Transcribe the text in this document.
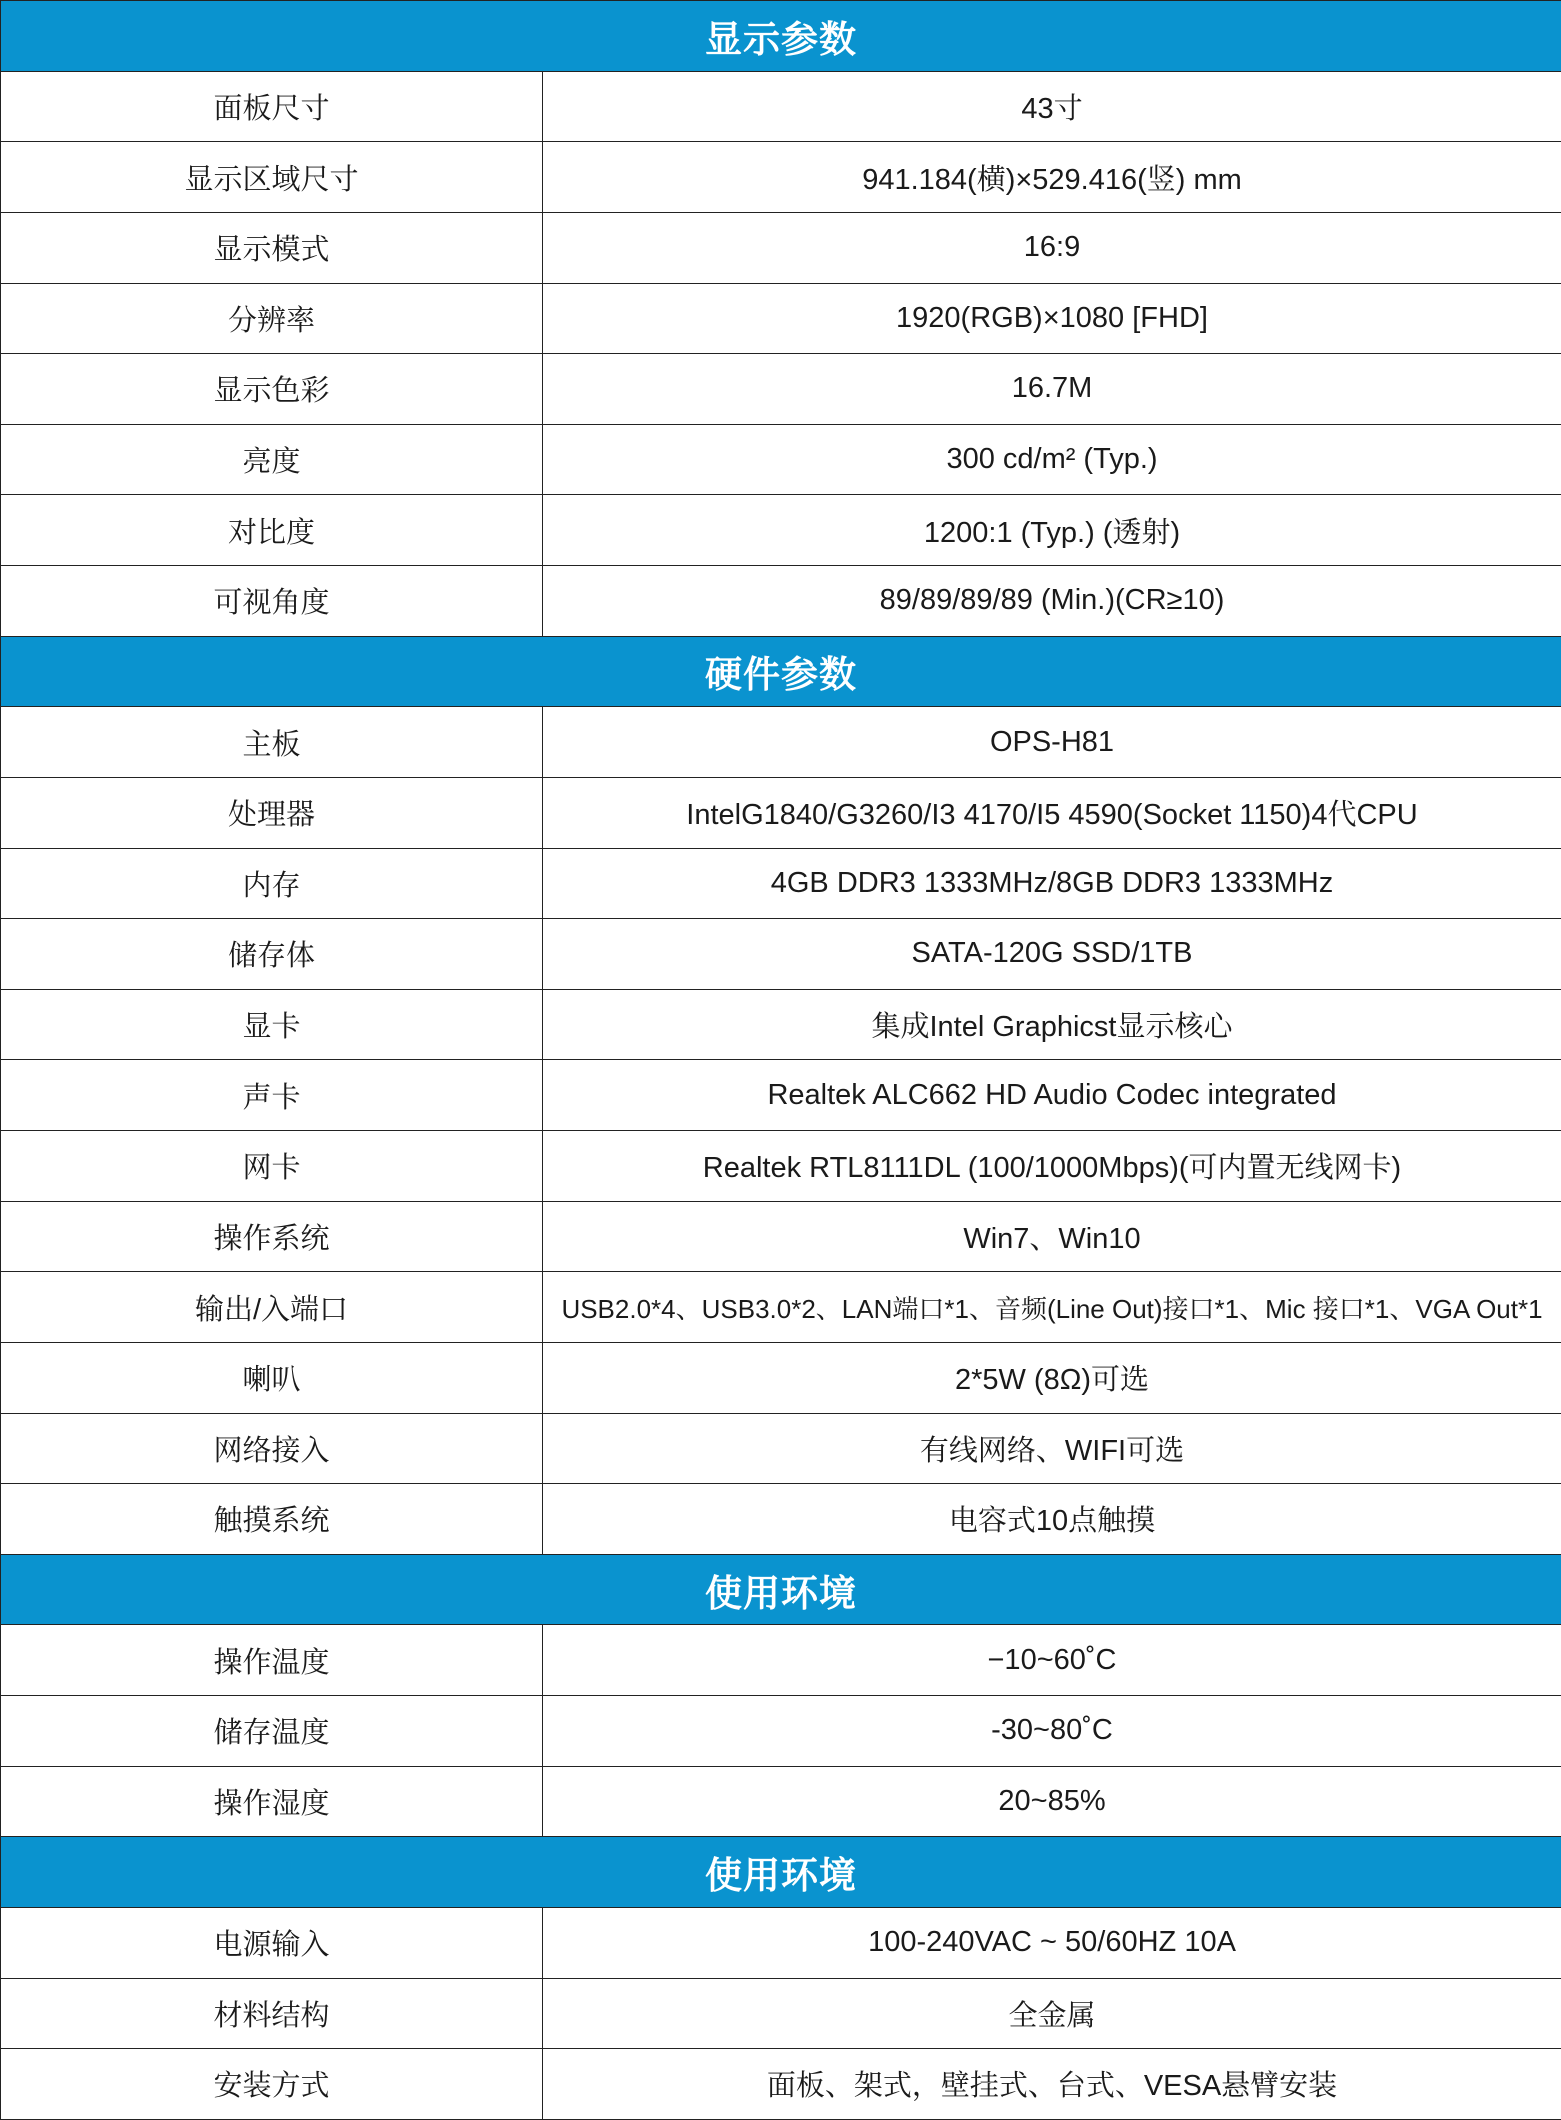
显示参数	
面板尺寸	43寸
显示区域尺寸	941.184(横)×529.416(竖) mm
显示模式	16:9
分辨率	1920(RGB)×1080 [FHD]
显示色彩	16.7M
亮度	300 cd/m² (Typ.)
对比度	1200:1 (Typ.) (透射)
可视角度	89/89/89/89 (Min.)(CR≥10)
硬件参数	
主板	OPS-H81
处理器	IntelG1840/G3260/I3 4170/I5 4590(Socket 1150)4代CPU
内存	4GB DDR3 1333MHz/8GB DDR3 1333MHz
储存体	SATA-120G SSD/1TB
显卡	集成Intel Graphicst显示核心
声卡	Realtek ALC662 HD Audio Codec integrated
网卡	Realtek RTL8111DL (100/1000Mbps)(可内置无线网卡)
操作系统	Win7、Win10
输出/入端口	USB2.0*4、USB3.0*2、LAN端口*1、音频(Line Out)接口*1、Mic 接口*1、VGA Out*1
喇叭	2*5W (8Ω)可选
网络接入	有线网络、WIFI可选
触摸系统	电容式10点触摸
使用环境	
操作温度	−10~60˚C
储存温度	-30~80˚C
操作湿度	20~85%
使用环境	
电源输入	100-240VAC ~ 50/60HZ 10A
材料结构	全金属
安装方式	面板、架式，壁挂式、台式、VESA悬臂安装
